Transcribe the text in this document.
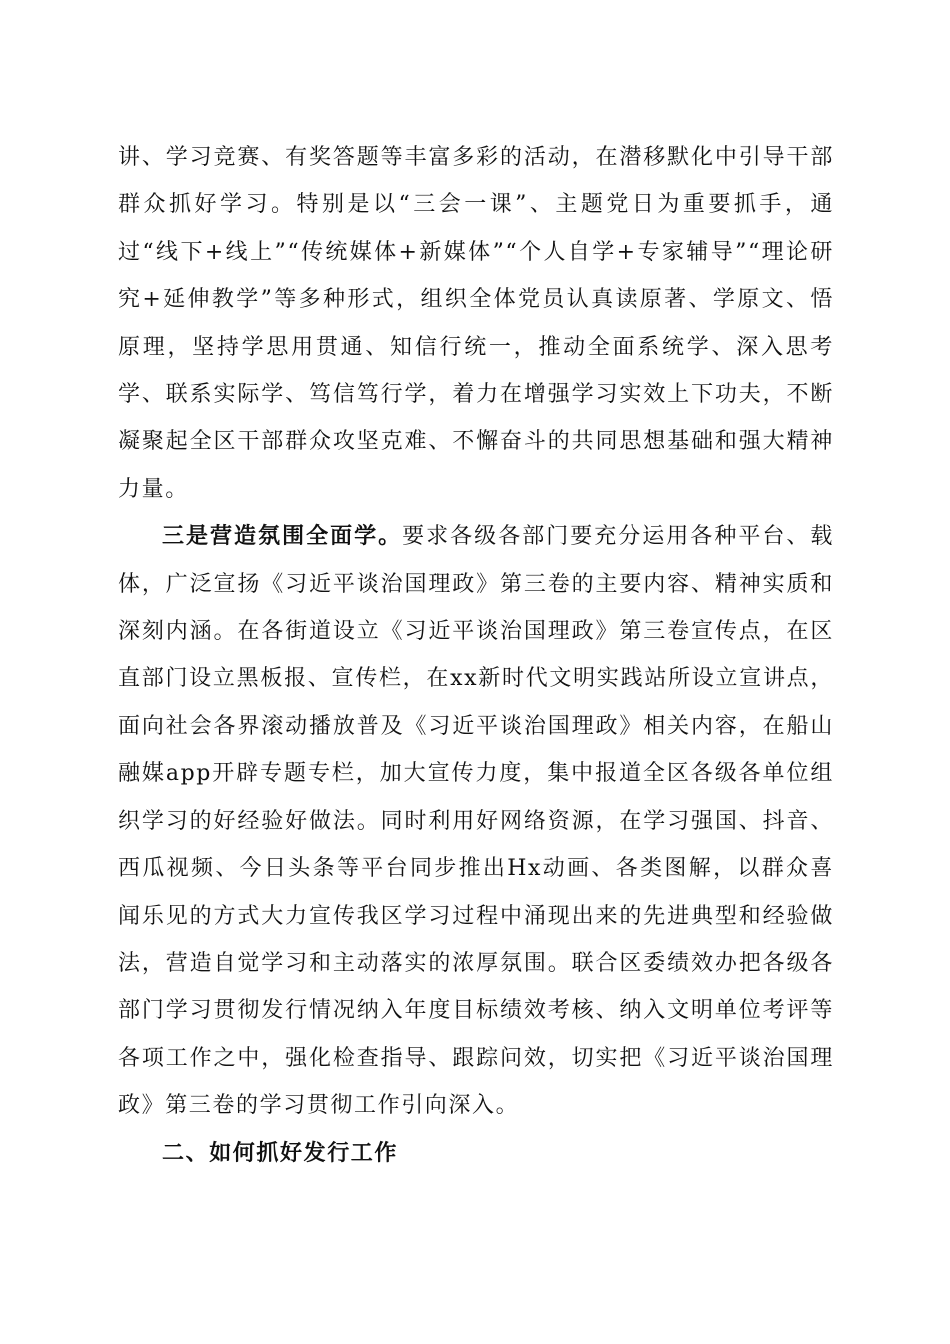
讲、学习竞赛、有奖答题等丰富多彩的活动，在潜移默化中引导干部群众抓好学习。特别是以“三会一课”、主题党日为重要抓手，通过“线下+线上”“传统媒体+新媒体”“个人自学+专家辅导”“理论研究+延伸教学”等多种形式，组织全体党员认真读原著、学原文、悟原理，坚持学思用贯通、知信行统一，推动全面系统学、深入思考学、联系实际学、笃信笃行学，着力在增强学习实效上下功夫，不断凝聚起全区干部群众攻坚克难、不懈奋斗的共同思想基础和强大精神力量。

三是营造氛围全面学。要求各级各部门要充分运用各种平台、载体，广泛宣扬《习近平谈治国理政》第三卷的主要内容、精神实质和深刻内涵。在各街道设立《习近平谈治国理政》第三卷宣传点，在区直部门设立黑板报、宣传栏，在xx新时代文明实践站所设立宣讲点，面向社会各界滚动播放普及《习近平谈治国理政》相关内容，在船山融媒app开辟专题专栏，加大宣传力度，集中报道全区各级各单位组织学习的好经验好做法。同时利用好网络资源，在学习强国、抖音、西瓜视频、今日头条等平台同步推出Hx动画、各类图解，以群众喜闻乐见的方式大力宣传我区学习过程中涌现出来的先进典型和经验做法，营造自觉学习和主动落实的浓厚氛围。联合区委绩效办把各级各部门学习贯彻发行情况纳入年度目标绩效考核、纳入文明单位考评等各项工作之中，强化检查指导、跟踪问效，切实把《习近平谈治国理政》第三卷的学习贯彻工作引向深入。

二、如何抓好发行工作
